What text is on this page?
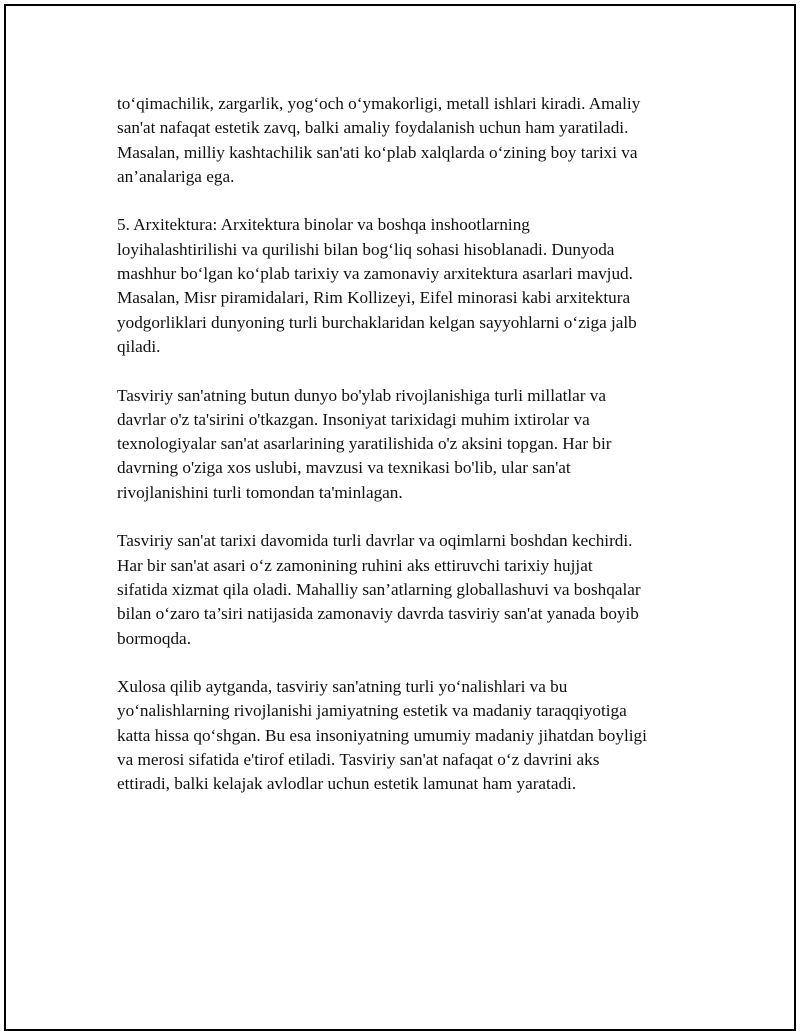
to‘qimachilik, zargarlik, yog‘och o‘ymakorligi, metall ishlari kiradi. Amaliy
san'at nafaqat estetik zavq, balki amaliy foydalanish uchun ham yaratiladi.
Masalan, milliy kashtachilik san'ati ko‘plab xalqlarda o‘zining boy tarixi va
an’analariga ega.

5. Arxitektura: Arxitektura binolar va boshqa inshootlarning
loyihalashtirilishi va qurilishi bilan bog‘liq sohasi hisoblanadi. Dunyoda
mashhur bo‘lgan ko‘plab tarixiy va zamonaviy arxitektura asarlari mavjud.
Masalan, Misr piramidalari, Rim Kollizeyi, Eifel minorasi kabi arxitektura
yodgorliklari dunyoning turli burchaklaridan kelgan sayyohlarni o‘ziga jalb
qiladi.

Tasviriy san'atning butun dunyo bo'ylab rivojlanishiga turli millatlar va
davrlar o'z ta'sirini o'tkazgan. Insoniyat tarixidagi muhim ixtirolar va
texnologiyalar san'at asarlarining yaratilishida o'z aksini topgan. Har bir
davrning o'ziga xos uslubi, mavzusi va texnikasi bo'lib, ular san'at
rivojlanishini turli tomondan ta'minlagan.

Tasviriy san'at tarixi davomida turli davrlar va oqimlarni boshdan kechirdi.
Har bir san'at asari o‘z zamonining ruhini aks ettiruvchi tarixiy hujjat
sifatida xizmat qila oladi. Mahalliy san’atlarning globallashuvi va boshqalar
bilan o‘zaro ta’siri natijasida zamonaviy davrda tasviriy san'at yanada boyib
bormoqda.

Xulosa qilib aytganda, tasviriy san'atning turli yo‘nalishlari va bu
yo‘nalishlarning rivojlanishi jamiyatning estetik va madaniy taraqqiyotiga
katta hissa qo‘shgan. Bu esa insoniyatning umumiy madaniy jihatdan boyligi
va merosi sifatida e'tirof etiladi. Tasviriy san'at nafaqat o‘z davrini aks
ettiradi, balki kelajak avlodlar uchun estetik lamunat ham yaratadi.
